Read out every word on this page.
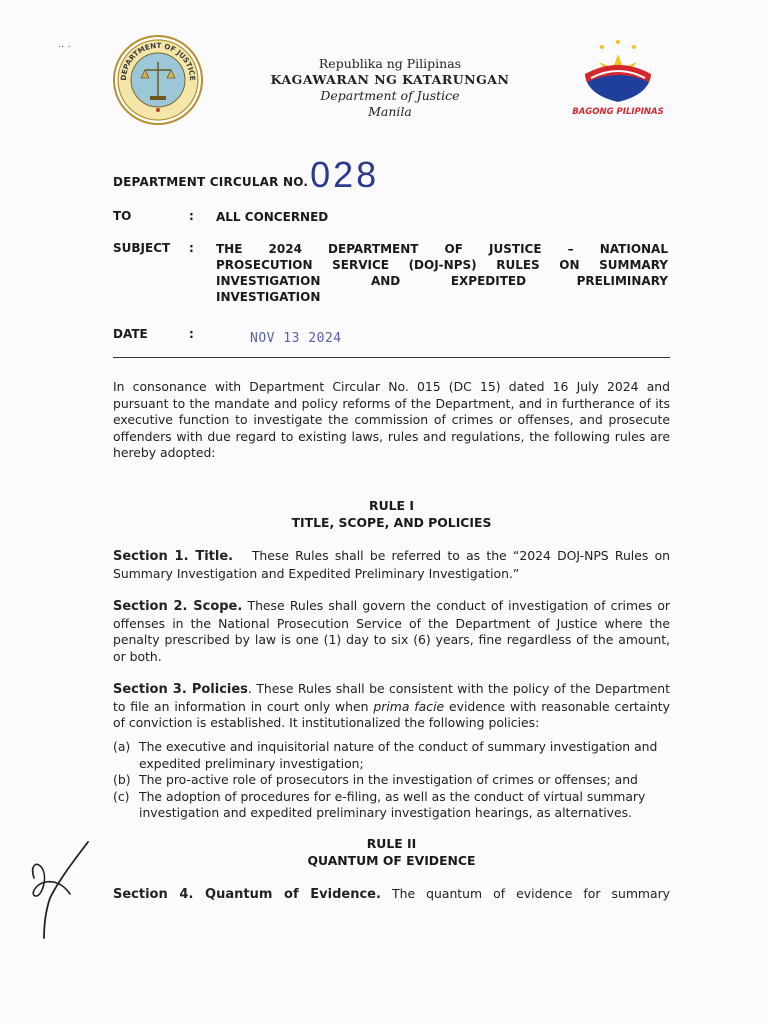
DEPARTMENT OF JUSTICE
Republika ng Pilipinas
KAGAWARAN NG KATARUNGAN
Department of Justice
Manila	BAGONG PILIPINAS
·· ·
DEPARTMENT CIRCULAR NO. 028
TO	: ALL CONCERNED
SUBJECT : THE 2024 DEPARTMENT OF JUSTICE – NATIONAL
PROSECUTION SERVICE (DOJ-NPS) RULES ON SUMMARY
INVESTIGATION AND EXPEDITED PRELIMINARY
INVESTIGATION
DATE	:	NOV 13 2024
In consonance with Department Circular No. 015 (DC 15) dated 16 July 2024 and pursuant to the mandate and policy reforms of the Department, and in furtherance of its executive function to investigate the commission of crimes or offenses, and prosecute offenders with due regard to existing laws, rules and regulations, the following rules are hereby adopted:
RULE I
TITLE, SCOPE, AND POLICIES
Section 1. Title. These Rules shall be referred to as the “2024 DOJ-NPS Rules on Summary Investigation and Expedited Preliminary Investigation.”
Section 2. Scope. These Rules shall govern the conduct of investigation of crimes or offenses in the National Prosecution Service of the Department of Justice where the penalty prescribed by law is one (1) day to six (6) years, fine regardless of the amount, or both.
Section 3. Policies. These Rules shall be consistent with the policy of the Department to file an information in court only when prima facie evidence with reasonable certainty of conviction is established. It institutionalized the following policies:
(a) The executive and inquisitorial nature of the conduct of summary investigation and expedited preliminary investigation;
(b) The pro-active role of prosecutors in the investigation of crimes or offenses; and
(c) The adoption of procedures for e-filing, as well as the conduct of virtual summary investigation and expedited preliminary investigation hearings, as alternatives.
RULE II
QUANTUM OF EVIDENCE
Section 4. Quantum of Evidence. The quantum of evidence for summary
